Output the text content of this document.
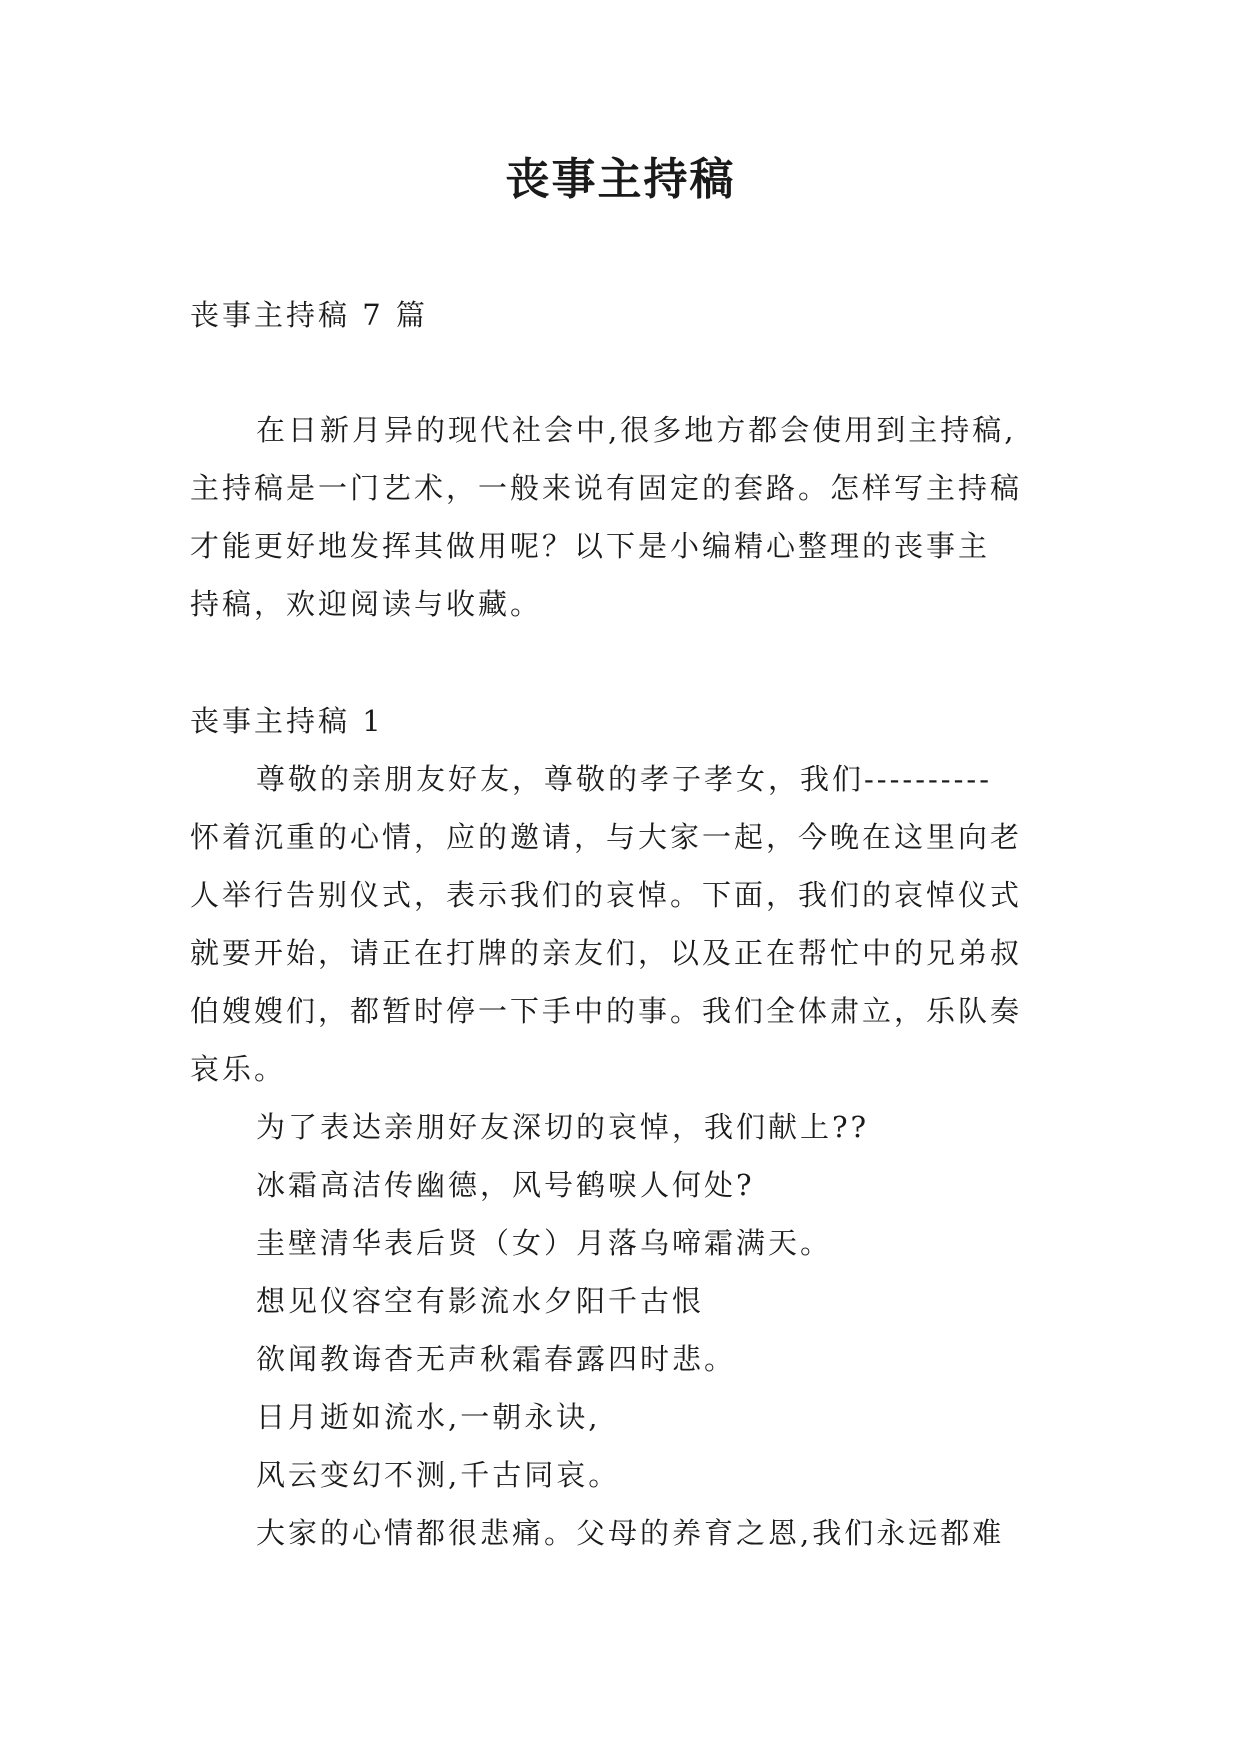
丧事主持稿
丧事主持稿 7 篇
在日新月异的现代社会中,很多地方都会使用到主持稿,
主持稿是一门艺术，一般来说有固定的套路。怎样写主持稿
才能更好地发挥其做用呢？以下是小编精心整理的丧事主
持稿，欢迎阅读与收藏。
丧事主持稿 1
尊敬的亲朋友好友，尊敬的孝子孝女，我们----------
怀着沉重的心情，应的邀请，与大家一起，今晚在这里向老
人举行告别仪式，表示我们的哀悼。下面，我们的哀悼仪式
就要开始，请正在打牌的亲友们，以及正在帮忙中的兄弟叔
伯嫂嫂们，都暂时停一下手中的事。我们全体肃立，乐队奏
哀乐。
为了表达亲朋好友深切的哀悼，我们献上??
冰霜高洁传幽德，风号鹤唳人何处?
圭壁清华表后贤（女）月落乌啼霜满天。
想见仪容空有影流水夕阳千古恨
欲闻教诲杳无声秋霜春露四时悲。
日月逝如流水,一朝永诀,
风云变幻不测,千古同哀。
大家的心情都很悲痛。父母的养育之恩,我们永远都难
